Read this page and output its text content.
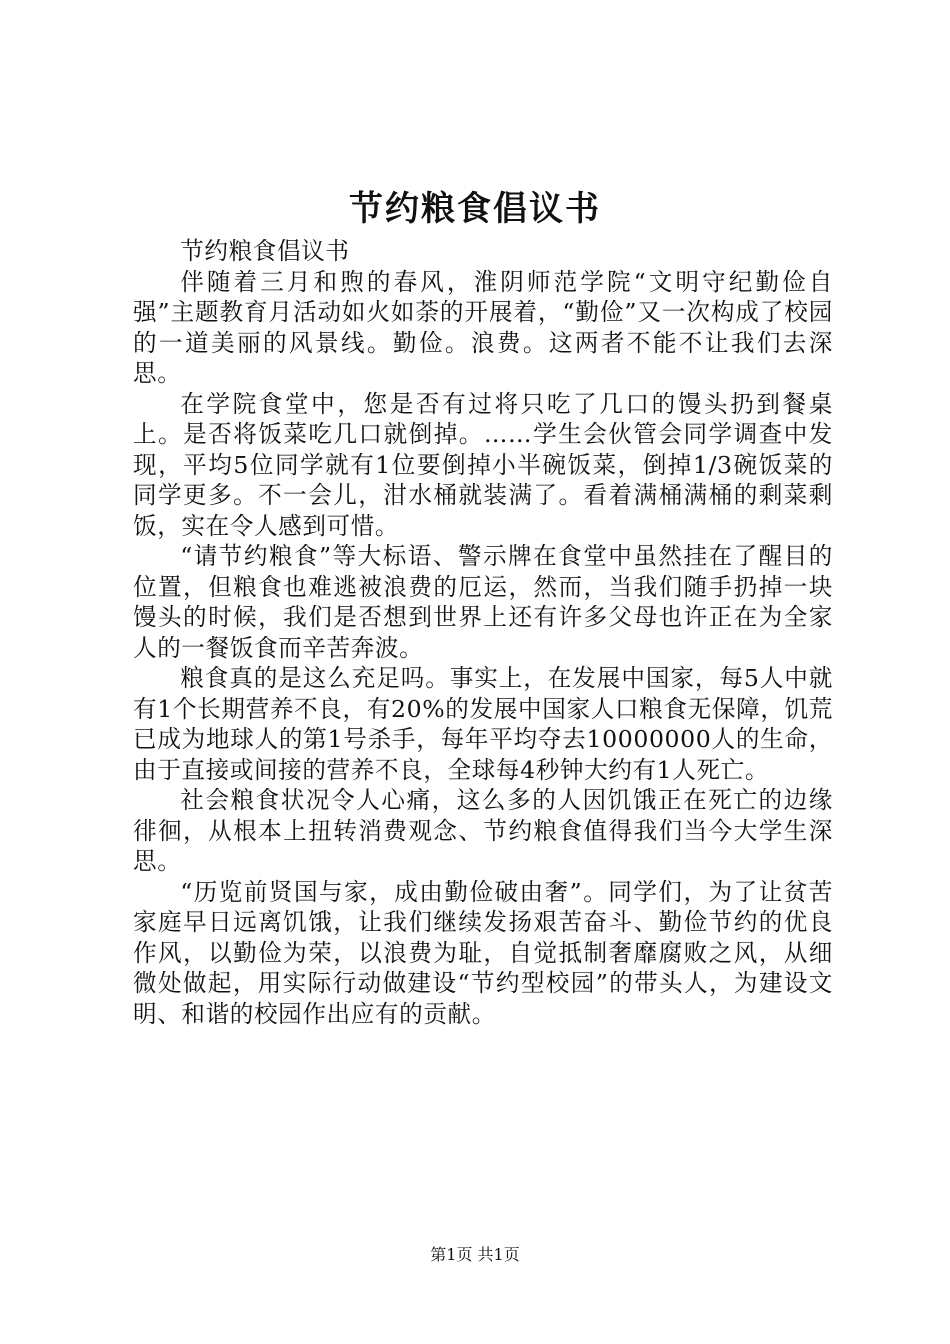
节约粮食倡议书

节约粮食倡议书

伴随着三月和煦的春风，淮阴师范学院“文明守纪勤俭自强”主题教育月活动如火如荼的开展着，“勤俭”又一次构成了校园的一道美丽的风景线。勤俭。浪费。这两者不能不让我们去深思。

在学院食堂中，您是否有过将只吃了几口的馒头扔到餐桌上。是否将饭菜吃几口就倒掉。……学生会伙管会同学调查中发现，平均5位同学就有1位要倒掉小半碗饭菜，倒掉1/3碗饭菜的同学更多。不一会儿，泔水桶就装满了。看着满桶满桶的剩菜剩饭，实在令人感到可惜。

“请节约粮食”等大标语、警示牌在食堂中虽然挂在了醒目的位置，但粮食也难逃被浪费的厄运，然而，当我们随手扔掉一块馒头的时候，我们是否想到世界上还有许多父母也许正在为全家人的一餐饭食而辛苦奔波。

粮食真的是这么充足吗。事实上，在发展中国家，每5人中就有1个长期营养不良，有20%的发展中国家人口粮食无保障，饥荒已成为地球人的第1号杀手，每年平均夺去10000000人的生命，由于直接或间接的营养不良，全球每4秒钟大约有1人死亡。

社会粮食状况令人心痛，这么多的人因饥饿正在死亡的边缘徘徊，从根本上扭转消费观念、节约粮食值得我们当今大学生深思。

“历览前贤国与家，成由勤俭破由奢”。同学们，为了让贫苦家庭早日远离饥饿，让我们继续发扬艰苦奋斗、勤俭节约的优良作风，以勤俭为荣，以浪费为耻，自觉抵制奢靡腐败之风，从细微处做起，用实际行动做建设“节约型校园”的带头人，为建设文明、和谐的校园作出应有的贡献。

第1页 共1页
